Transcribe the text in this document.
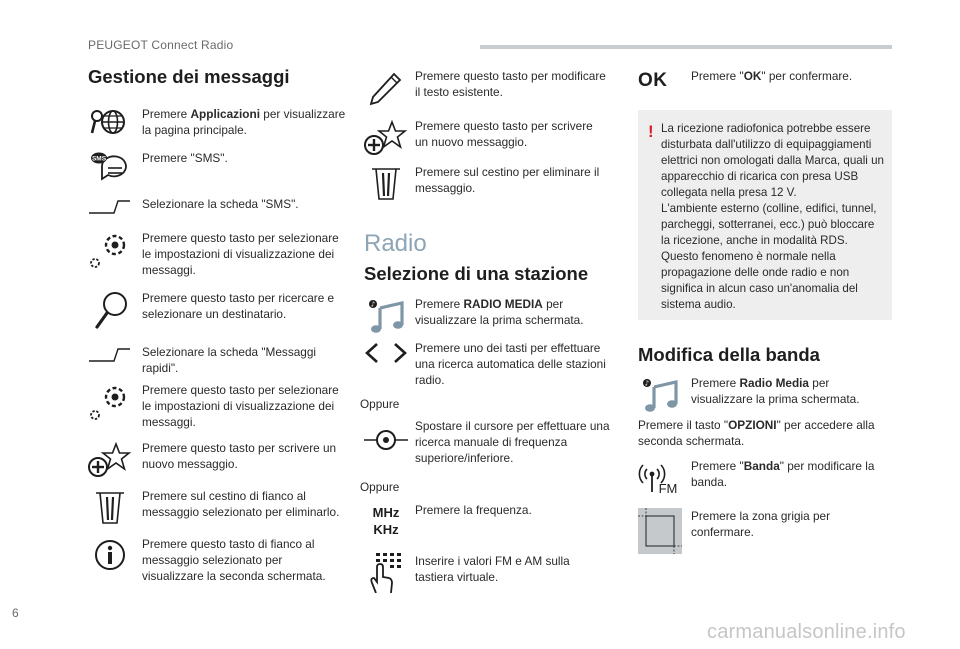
PEUGEOT Connect Radio
Gestione dei messaggi
Premere Applicazioni per visualizzare la pagina principale.
SMS	Premere "SMS".
Selezionare la scheda "SMS".
Premere questo tasto per selezionare le impostazioni di visualizzazione dei messaggi.
Premere questo tasto per ricercare e selezionare un destinatario.
Selezionare la scheda "Messaggi rapidi".
Premere questo tasto per selezionare le impostazioni di visualizzazione dei messaggi.
Premere questo tasto per scrivere un nuovo messaggio.
Premere sul cestino di fianco al messaggio selezionato per eliminarlo.
Premere questo tasto di fianco al messaggio selezionato per visualizzare la seconda schermata.
Premere questo tasto per modificare il testo esistente.
Premere questo tasto per scrivere un nuovo messaggio.
Premere sul cestino per eliminare il messaggio.
Radio
Selezione di una stazione
♪	Premere RADIO MEDIA per visualizzare la prima schermata.
Premere uno dei tasti per effettuare una ricerca automatica delle stazioni radio.
Oppure
Spostare il cursore per effettuare una ricerca manuale di frequenza superiore/inferiore.
Oppure
MHz
KHz
Premere la frequenza.
Inserire i valori FM e AM sulla tastiera virtuale.
OK	Premere "OK" per confermare.
! La ricezione radiofonica potrebbe essere disturbata dall'utilizzo di equipaggiamenti elettrici non omologati dalla Marca, quali un apparecchio di ricarica con presa USB collegata nella presa 12 V.
L'ambiente esterno (colline, edifici, tunnel, parcheggi, sotterranei, ecc.) può bloccare la ricezione, anche in modalità RDS. Questo fenomeno è normale nella propagazione delle onde radio e non significa in alcun caso un'anomalia del sistema audio.
Modifica della banda
♪	Premere Radio Media per visualizzare la prima schermata.
Premere il tasto "OPZIONI" per accedere alla seconda schermata.
FM
Premere "Banda" per modificare la banda.
Premere la zona grigia per confermare.
6
carmanualsonline.info
